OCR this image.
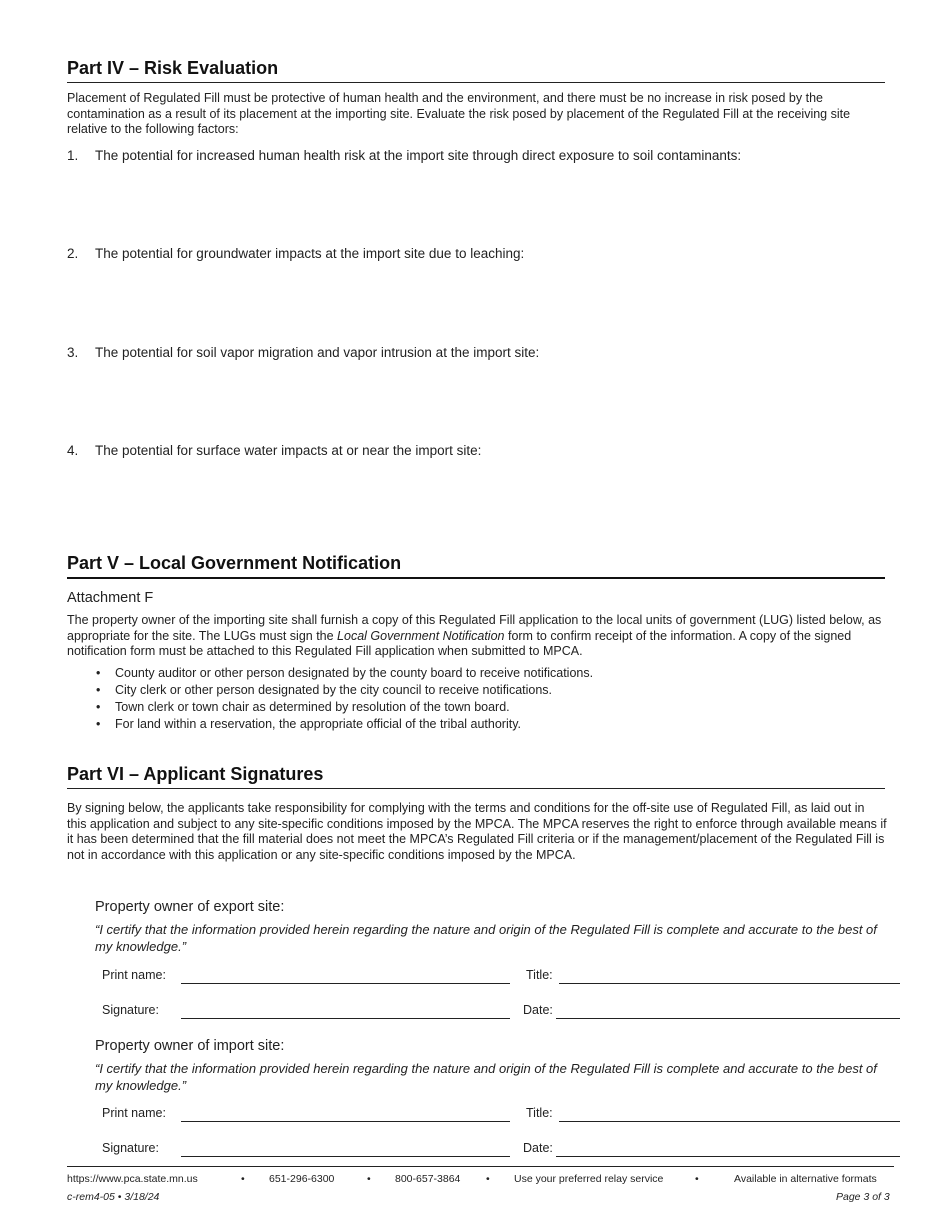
Part IV – Risk Evaluation
Placement of Regulated Fill must be protective of human health and the environment, and there must be no increase in risk posed by the contamination as a result of its placement at the importing site. Evaluate the risk posed by placement of the Regulated Fill at the receiving site relative to the following factors:
1. The potential for increased human health risk at the import site through direct exposure to soil contaminants:
2. The potential for groundwater impacts at the import site due to leaching:
3. The potential for soil vapor migration and vapor intrusion at the import site:
4. The potential for surface water impacts at or near the import site:
Part V – Local Government Notification
Attachment F
The property owner of the importing site shall furnish a copy of this Regulated Fill application to the local units of government (LUG) listed below, as appropriate for the site. The LUGs must sign the Local Government Notification form to confirm receipt of the information. A copy of the signed notification form must be attached to this Regulated Fill application when submitted to MPCA.
• County auditor or other person designated by the county board to receive notifications.
• City clerk or other person designated by the city council to receive notifications.
• Town clerk or town chair as determined by resolution of the town board.
• For land within a reservation, the appropriate official of the tribal authority.
Part VI – Applicant Signatures
By signing below, the applicants take responsibility for complying with the terms and conditions for the off-site use of Regulated Fill, as laid out in this application and subject to any site-specific conditions imposed by the MPCA. The MPCA reserves the right to enforce through available means if it has been determined that the fill material does not meet the MPCA’s Regulated Fill criteria or if the management/placement of the Regulated Fill is not in accordance with this application or any site-specific conditions imposed by the MPCA.
Property owner of export site:
“I certify that the information provided herein regarding the nature and origin of the Regulated Fill is complete and accurate to the best of my knowledge.”
Print name:	Title:
Signature:	Date:
Property owner of import site:
“I certify that the information provided herein regarding the nature and origin of the Regulated Fill is complete and accurate to the best of my knowledge.”
Print name:	Title:
Signature:	Date:
https://www.pca.state.mn.us	• 651-296-6300	• 800-657-3864 • Use your preferred relay service	•	Available in alternative formats
c-rem4-05 • 3/18/24	Page 3 of 3
